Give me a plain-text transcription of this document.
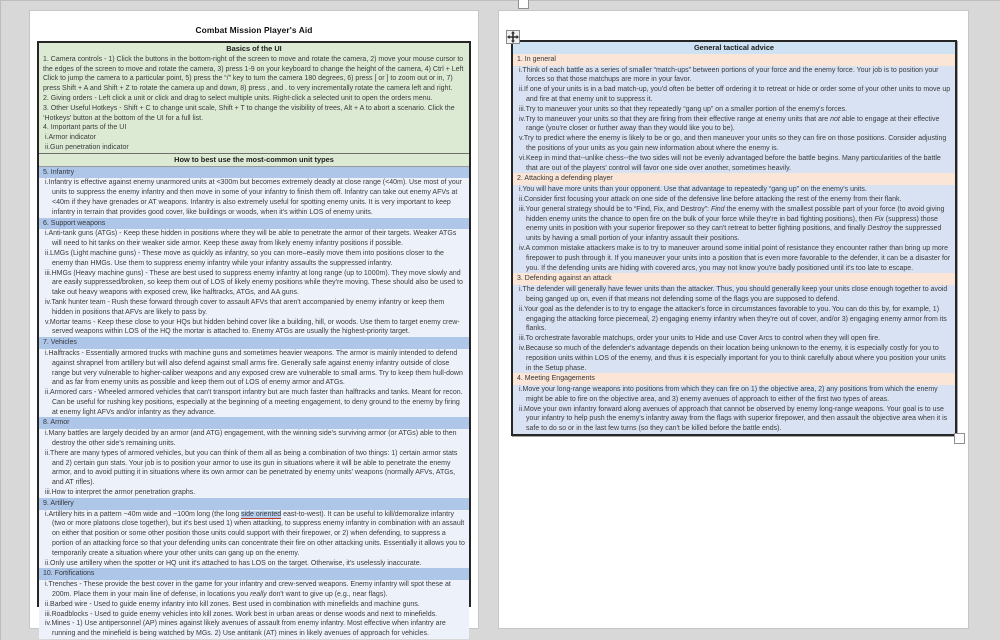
Combat Mission Player's Aid
Basics of the UI
1. Camera controls - 1) Click the buttons in the bottom-right of the screen to move and rotate the camera, 2) move your mouse cursor to the edges of the screen to move and rotate the camera, 3) press 1-9 on your keyboard to change the height of the camera, 4) Ctrl + Left Click to jump the camera to a particular point, 5) press the “/” key to turn the camera 180 degrees, 6) press [ or ] to zoom out or in, 7) press Shift + A and Shift + Z to rotate the camera up and down, 8) press , and . to very incrementally rotate the camera left and right.
2. Giving orders - Left click a unit or click and drag to select multiple units. Right-click a selected unit to open the orders menu.
3. Other Useful Hotkeys - Shift + C to change unit scale, Shift + T to change the visibility of trees, Alt + A to abort a scenario. Click the ‘Hotkeys’ button at the bottom of the UI for a full list.
4. Important parts of the UI
i.Armor indicator
ii.Gun penetration indicator
How to best use the most-common unit types
5. Infantry
i.Infantry is effective against enemy unarmored units at <300m but becomes extremely deadly at close range (<40m). Use most of your units to suppress the enemy infantry and then move in some of your infantry to finish them off. Infantry can take out enemy AFVs at <40m if they have grenades or AT weapons. Infantry is also extremely useful for spotting enemy units. It is very important to keep infantry in terrain that provides good cover, like buildings or woods, when it's within LOS of enemy units.
6. Support weapons
i.Anti-tank guns (ATGs) - Keep these hidden in positions where they will be able to penetrate the armor of their targets. Weaker ATGs will need to hit tanks on their weaker side armor. Keep these away from likely enemy infantry positions if possible.
ii.LMGs (Light machine guns) - These move as quickly as infantry, so you can more–easily move them into positions closer to the enemy than HMGs. Use them to suppress enemy infantry while your infantry assaults the suppressed infantry.
iii.HMGs (Heavy machine guns) - These are best used to suppress enemy infantry at long range (up to 1000m). They move slowly and are easily suppressed/broken, so keep them out of LOS of likely enemy positions while they're moving. These should also be used to take out heavy weapons with exposed crew, like halftracks, ATGs, and AA guns.
iv.Tank hunter team - Rush these forward through cover to assault AFVs that aren't accompanied by enemy infantry or keep them hidden in positions that AFVs are likely to pass by.
v.Mortar teams - Keep these close to your HQs but hidden behind cover like a building, hill, or woods. Use them to target enemy crew-served weapons within LOS of the HQ the mortar is attached to. Enemy ATGs are usually the highest-priority target.
7. Vehicles
i.Halftracks - Essentially armored trucks with machine guns and sometimes heavier weapons. The armor is mainly intended to defend against shrapnel from artillery but will also defend against small arms fire. Generally safe against enemy infantry outside of close range but very vulnerable to higher-caliber weapons and any exposed crew are vulnerable to small arms. Try to keep them hull-down and as far from enemy units as possible and keep them out of LOS of enemy armor and ATGs.
ii.Armored cars - Wheeled armored vehicles that can't transport infantry but are much faster than halftracks and tanks. Meant for recon. Can be useful for rushing key positions, especially at the beginning of a meeting engagement, to deny ground to the enemy by firing at enemy light AFVs and/or infantry as they advance.
8. Armor
i.Many battles are largely decided by an armor (and ATG) engagement, with the winning side's surviving armor (or ATGs) able to then destroy the other side's remaining units.
ii.There are many types of armored vehicles, but you can think of them all as being a combination of two things: 1) certain armor stats and 2) certain gun stats. Your job is to position your armor to use its gun in situations where it will be able to penetrate the enemy armor, and to avoid putting it in situations where its own armor can be penetrated by enemy units' weapons (normally AFVs, ATGs, and AT rifles).
iii.How to interpret the armor penetration graphs.
9. Artillery
i.Artillery hits in a pattern ~40m wide and ~100m long (the long side oriented east-to-west). It can be useful to kill/demoralize infantry (two or more platoons close together), but it's best used 1) when attacking, to suppress enemy infantry in combination with an assault on either that position or some other position those units could support with their firepower, or 2) when defending, to suppress a portion of an attacking force so that your defending units can concentrate their fire on other attacking units. Essentially it allows you to temporarily create a situation where your other units can gang up on the enemy.
ii.Only use artillery when the spotter or HQ unit it's attached to has LOS on the target. Otherwise, it's uselessly inaccurate.
10. Fortifications
i.Trenches - These provide the best cover in the game for your infantry and crew-served weapons. Enemy infantry will spot these at 200m. Place them in your main line of defense, in locations you really don't want to give up (e.g., near flags).
ii.Barbed wire - Used to guide enemy infantry into kill zones. Best used in combination with minefields and machine guns.
iii.Roadblocks - Used to guide enemy vehicles into kill zones. Work best in urban areas or dense woods and next to minefields.
iv.Mines - 1) Use antipersonnel (AP) mines against likely avenues of assault from enemy infantry. Most effective when infantry are running and the minefield is being watched by MGs. 2) Use antitank (AT) mines in likely avenues of approach for vehicles.
General tactical advice
1. In general
i.Think of each battle as a series of smaller “match-ups” between portions of your force and the enemy force. Your job is to position your forces so that those matchups are more in your favor.
ii.If one of your units is in a bad match-up, you'd often be better off ordering it to retreat or hide or order some of your other units to move up and fire at that enemy unit to suppress it.
iii.Try to maneuver your units so that they repeatedly “gang up” on a smaller portion of the enemy's forces.
iv.Try to maneuver your units so that they are firing from their effective range at enemy units that are not able to engage at their effective range (you're closer or further away than they would like you to be).
v.Try to predict where the enemy is likely to be or go, and then maneuver your units so they can fire on those positions. Consider adjusting the positions of your units as you gain new information about where the enemy is.
vi.Keep in mind that--unlike chess--the two sides will not be evenly advantaged before the battle begins. Many particularities of the battle that are out of the players' control will favor one side over another, sometimes heavily.
2. Attacking a defending player
i.You will have more units than your opponent. Use that advantage to repeatedly “gang up” on the enemy's units.
ii.Consider first focusing your attack on one side of the defensive line before attacking the rest of the enemy from their flank.
iii.Your general strategy should be to “Find, Fix, and Destroy”: Find the enemy with the smallest possible part of your force (to avoid giving hidden enemy units the chance to open fire on the bulk of your force while they're in bad fighting positions), then Fix (suppress) those enemy units in position with your superior firepower so they can't retreat to better fighting positions, and finally Destroy the suppressed units by having a small portion of your infantry assault their positions.
iv.A common mistake attackers make is to try to maneuver around some initial point of resistance they encounter rather than bring up more firepower to push through it. If you maneuver your units into a position that is even more favorable to the defender, it can be a disaster for you. If the defending units are hiding with covered arcs, you may not know you're badly positioned until it's too late to escape.
3. Defending against an attack
i.The defender will generally have fewer units than the attacker. Thus, you should generally keep your units close enough together to avoid being ganged up on, even if that means not defending some of the flags you are supposed to defend.
ii.Your goal as the defender is to try to engage the attacker's force in circumstances favorable to you. You can do this by, for example, 1) engaging the attacking force piecemeal, 2) engaging enemy infantry when they're out of cover, and/or 3) engaging enemy armor from its flanks.
iii.To orchestrate favorable matchups, order your units to Hide and use Cover Arcs to control when they will open fire.
iv.Because so much of the defender's advantage depends on their location being unknown to the enemy, it is especially costly for you to reposition units within LOS of the enemy, and thus it is especially important for you to think carefully about where you position your units in the Setup phase.
4. Meeting Engagements
i.Move your long-range weapons into positions from which they can fire on 1) the objective area, 2) any positions from which the enemy might be able to fire on the objective area, and 3) enemy avenues of approach to either of the first two types of areas.
ii.Move your own infantry forward along avenues of approach that cannot be observed by enemy long-range weapons. Your goal is to use your infantry to help push the enemy's infantry away from the flags with superior firepower, and then assault the objective area when it is safe to do so or in the last few turns (so they can't be killed before the battle ends).
